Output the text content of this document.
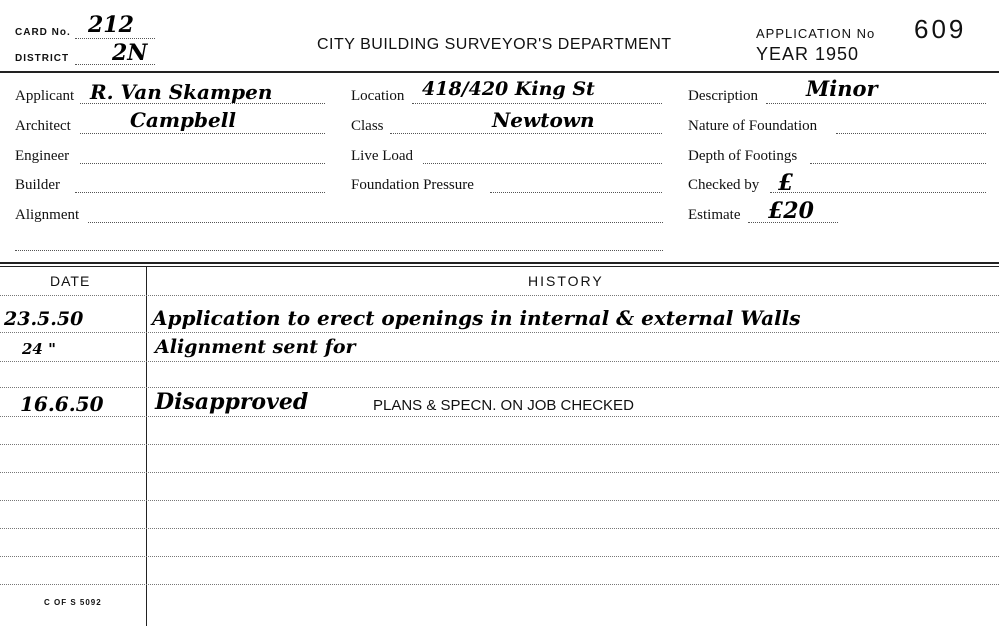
CARD No. 212
DISTRICT 2N	CITY BUILDING SURVEYOR'S DEPARTMENT
APPLICATION No 609
YEAR 1950
Applicant R. Van Skampen
Architect	Campbell
Engineer
Builder
Alignment
Location 418/420 King St
Class	Newtown
Live Load
Foundation Pressure
Description Minor
Nature of Foundation
Depth of Footings
Checked by £
Estimate £20
DATE	HISTORY
23.5.50	Application to erect openings in internal & external Walls
24 "	Alignment sent for
16.6.50 Disapproved	PLANS & SPECN. ON JOB CHECKED
C OF S 5092
